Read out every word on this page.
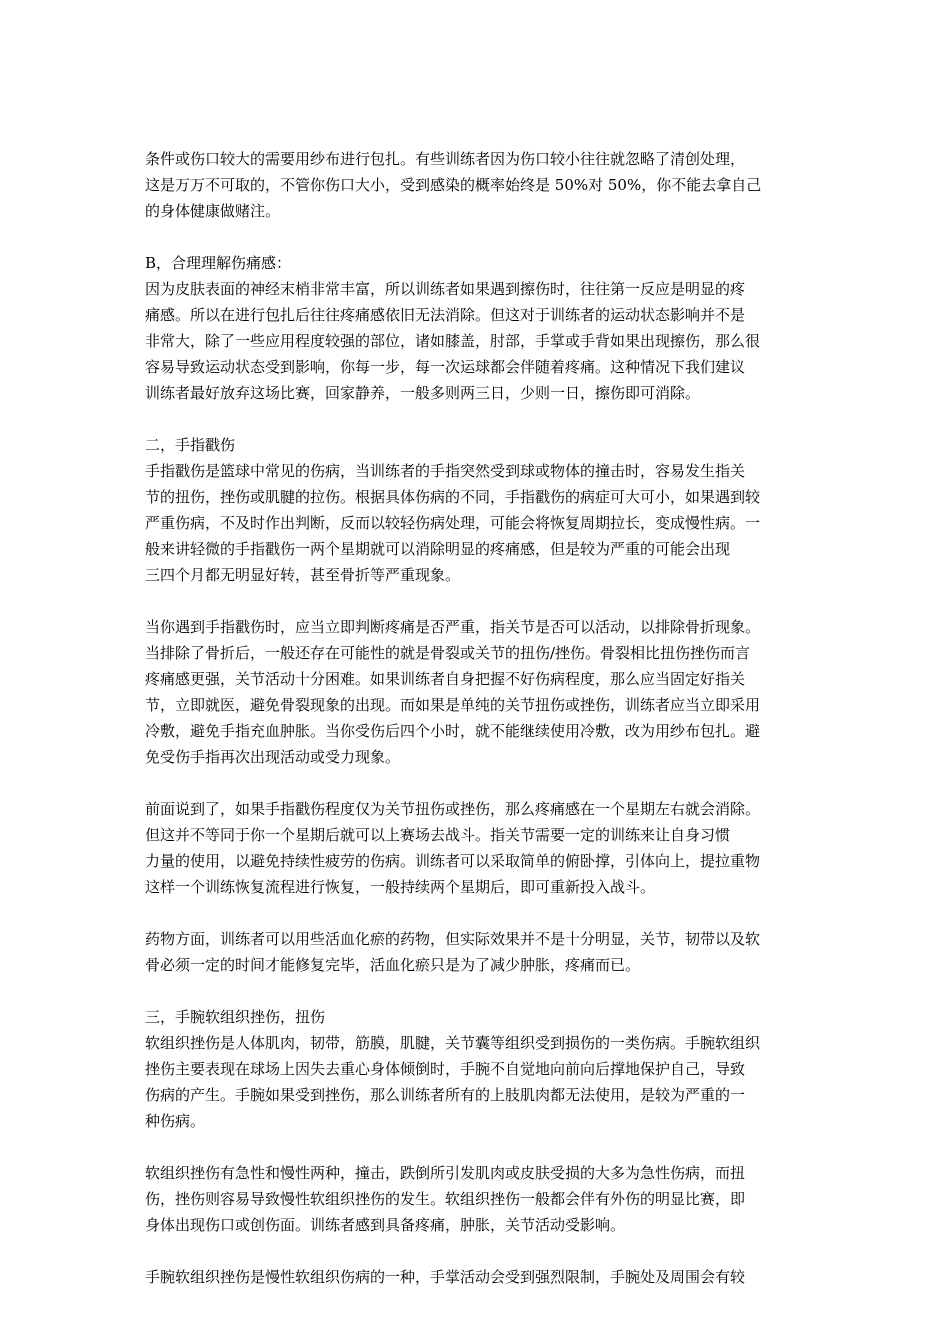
条件或伤口较大的需要用纱布进行包扎。有些训练者因为伤口较小往往就忽略了清创处理，
这是万万不可取的，不管你伤口大小，受到感染的概率始终是 50%对 50%，你不能去拿自己
的身体健康做赌注。
B，合理理解伤痛感：
因为皮肤表面的神经末梢非常丰富，所以训练者如果遇到擦伤时，往往第一反应是明显的疼
痛感。所以在进行包扎后往往疼痛感依旧无法消除。但这对于训练者的运动状态影响并不是
非常大，除了一些应用程度较强的部位，诸如膝盖，肘部，手掌或手背如果出现擦伤，那么很
容易导致运动状态受到影响，你每一步，每一次运球都会伴随着疼痛。这种情况下我们建议
训练者最好放弃这场比赛，回家静养，一般多则两三日，少则一日，擦伤即可消除。
二，手指戳伤
手指戳伤是篮球中常见的伤病，当训练者的手指突然受到球或物体的撞击时，容易发生指关
节的扭伤，挫伤或肌腱的拉伤。根据具体伤病的不同，手指戳伤的病症可大可小，如果遇到较
严重伤病，不及时作出判断，反而以较轻伤病处理，可能会将恢复周期拉长，变成慢性病。一
般来讲轻微的手指戳伤一两个星期就可以消除明显的疼痛感，但是较为严重的可能会出现
三四个月都无明显好转，甚至骨折等严重现象。
当你遇到手指戳伤时，应当立即判断疼痛是否严重，指关节是否可以活动，以排除骨折现象。
当排除了骨折后，一般还存在可能性的就是骨裂或关节的扭伤/挫伤。骨裂相比扭伤挫伤而言
疼痛感更强，关节活动十分困难。如果训练者自身把握不好伤病程度，那么应当固定好指关
节，立即就医，避免骨裂现象的出现。而如果是单纯的关节扭伤或挫伤，训练者应当立即采用
冷敷，避免手指充血肿胀。当你受伤后四个小时，就不能继续使用冷敷，改为用纱布包扎。避
免受伤手指再次出现活动或受力现象。
前面说到了，如果手指戳伤程度仅为关节扭伤或挫伤，那么疼痛感在一个星期左右就会消除。
但这并不等同于你一个星期后就可以上赛场去战斗。指关节需要一定的训练来让自身习惯
力量的使用，以避免持续性疲劳的伤病。训练者可以采取简单的俯卧撑，引体向上，提拉重物
这样一个训练恢复流程进行恢复，一般持续两个星期后，即可重新投入战斗。
药物方面，训练者可以用些活血化瘀的药物，但实际效果并不是十分明显，关节，韧带以及软
骨必须一定的时间才能修复完毕，活血化瘀只是为了减少肿胀，疼痛而已。
三，手腕软组织挫伤，扭伤
软组织挫伤是人体肌肉，韧带，筋膜，肌腱，关节囊等组织受到损伤的一类伤病。手腕软组织
挫伤主要表现在球场上因失去重心身体倾倒时，手腕不自觉地向前向后撑地保护自己，导致
伤病的产生。手腕如果受到挫伤，那么训练者所有的上肢肌肉都无法使用，是较为严重的一
种伤病。
软组织挫伤有急性和慢性两种，撞击，跌倒所引发肌肉或皮肤受损的大多为急性伤病，而扭
伤，挫伤则容易导致慢性软组织挫伤的发生。软组织挫伤一般都会伴有外伤的明显比赛，即
身体出现伤口或创伤面。训练者感到具备疼痛，肿胀，关节活动受影响。
手腕软组织挫伤是慢性软组织伤病的一种，手掌活动会受到强烈限制，手腕处及周围会有较
